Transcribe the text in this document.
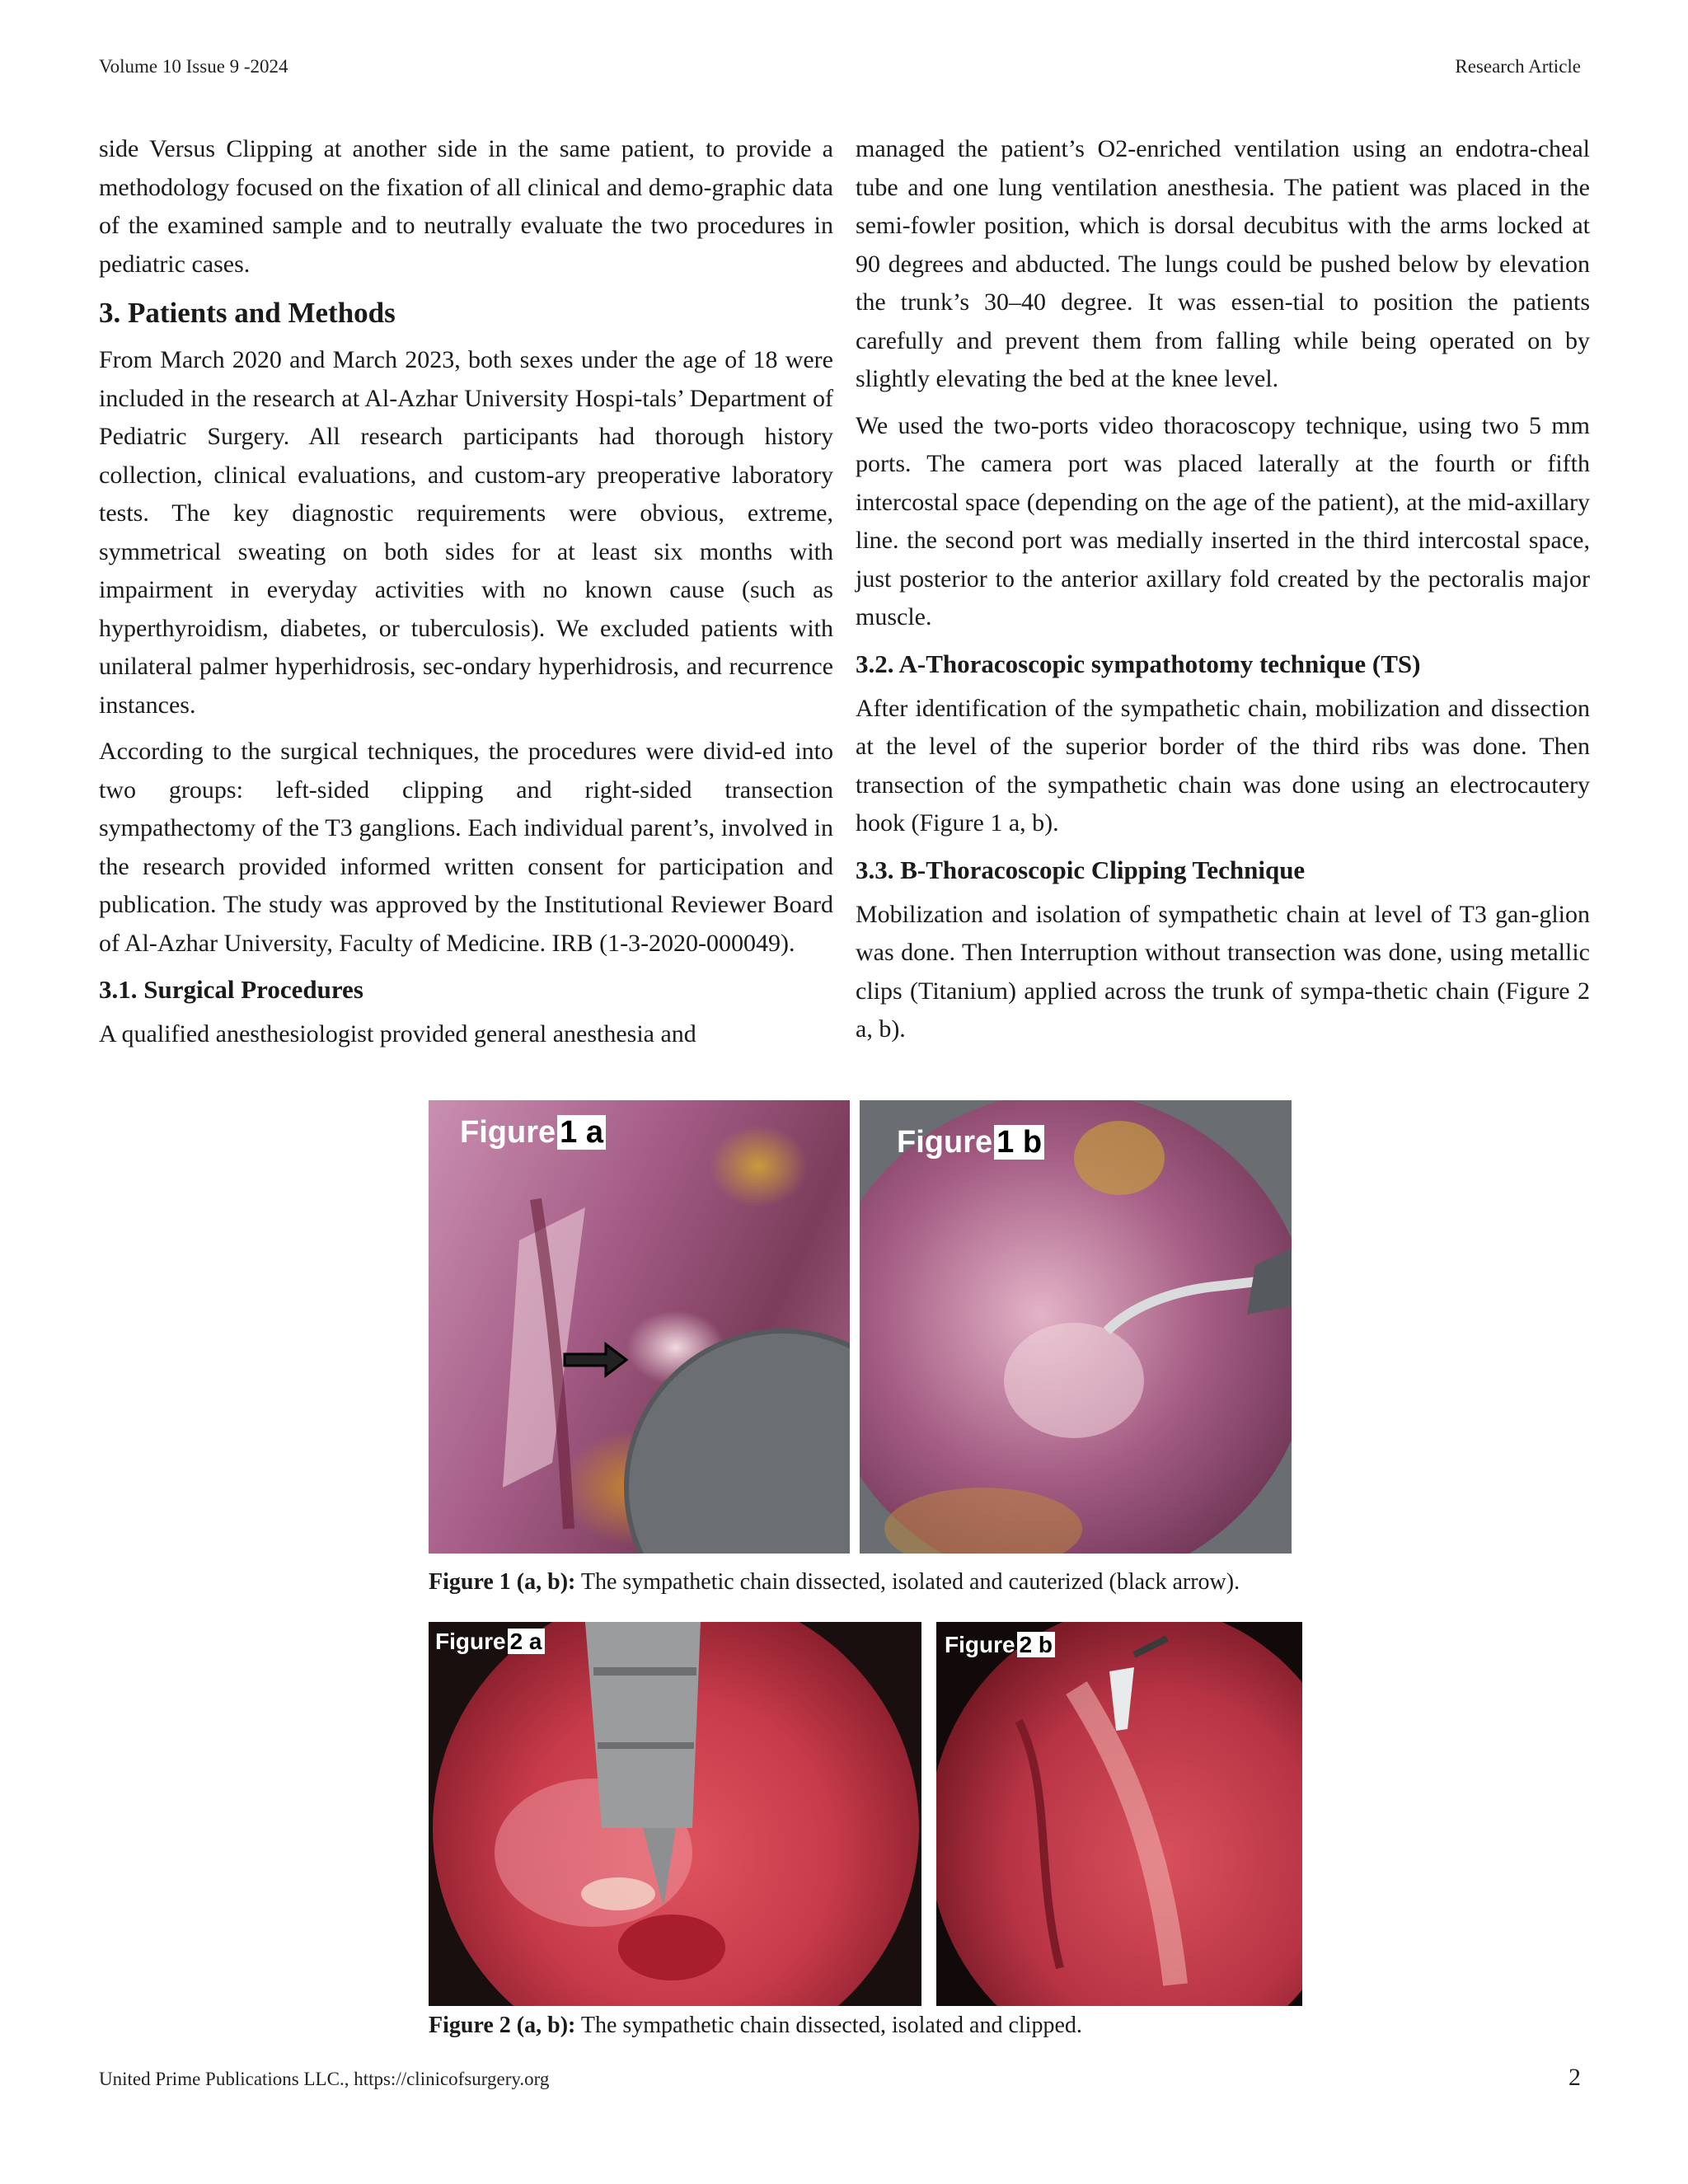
Volume 10 Issue 9 -2024	Research Article

side Versus Clipping at another side in the same patient, to provide a methodology focused on the fixation of all clinical and demo-graphic data of the examined sample and to neutrally evaluate the two procedures in pediatric cases.

3. Patients and Methods

From March 2020 and March 2023, both sexes under the age of 18 were included in the research at Al-Azhar University Hospi-tals’ Department of Pediatric Surgery. All research participants had thorough history collection, clinical evaluations, and custom-ary preoperative laboratory tests. The key diagnostic requirements were obvious, extreme, symmetrical sweating on both sides for at least six months with impairment in everyday activities with no known cause (such as hyperthyroidism, diabetes, or tuberculosis). We excluded patients with unilateral palmer hyperhidrosis, sec-ondary hyperhidrosis, and recurrence instances.

According to the surgical techniques, the procedures were divid-ed into two groups: left-sided clipping and right-sided transection sympathectomy of the T3 ganglions. Each individual parent’s, involved in the research provided informed written consent for participation and publication. The study was approved by the Institutional Reviewer Board of Al-Azhar University, Faculty of Medicine. IRB (1-3-2020-000049).

3.1. Surgical Procedures

A qualified anesthesiologist provided general anesthesia and

managed the patient’s O2-enriched ventilation using an endotra-cheal tube and one lung ventilation anesthesia. The patient was placed in the semi-fowler position, which is dorsal decubitus with the arms locked at 90 degrees and abducted. The lungs could be pushed below by elevation the trunk’s 30–40 degree. It was essen-tial to position the patients carefully and prevent them from falling while being operated on by slightly elevating the bed at the knee level.

We used the two-ports video thoracoscopy technique, using two 5 mm ports. The camera port was placed laterally at the fourth or fifth intercostal space (depending on the age of the patient), at the mid-axillary line. the second port was medially inserted in the third intercostal space, just posterior to the anterior axillary fold created by the pectoralis major muscle.

3.2. A-Thoracoscopic sympathotomy technique (TS)

After identification of the sympathetic chain, mobilization and dissection at the level of the superior border of the third ribs was done. Then transection of the sympathetic chain was done using an electrocautery hook (Figure 1 a, b).

3.3. B-Thoracoscopic Clipping Technique

Mobilization and isolation of sympathetic chain at level of T3 gan-glion was done. Then Interruption without transection was done, using metallic clips (Titanium) applied across the trunk of sympa-thetic chain (Figure 2 a, b).

Figure 1 a	Figure 1 b
Figure 1 (a, b): The sympathetic chain dissected, isolated and cauterized (black arrow).
Figure 2 a	Figure 2 b
Figure 2 (a, b): The sympathetic chain dissected, isolated and clipped.
United Prime Publications LLC., https://clinicofsurgery.org	2
